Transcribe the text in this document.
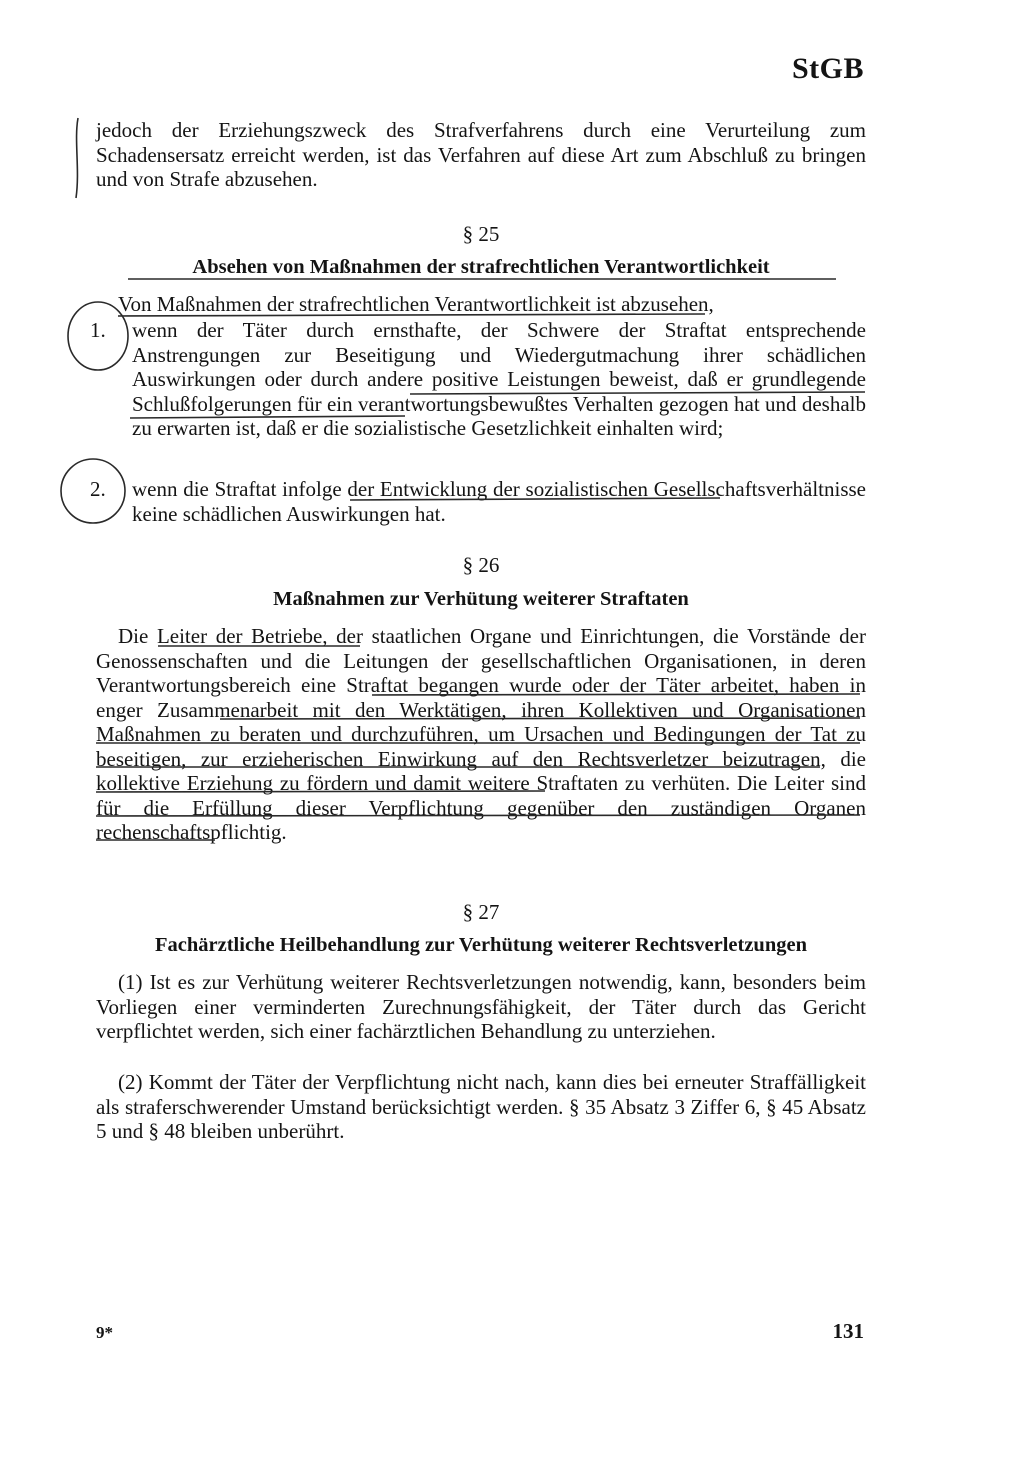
StGB
jedoch der Erziehungszweck des Strafverfahrens durch eine Verurteilung zum Schadensersatz erreicht werden, ist das Verfahren auf diese Art zum Abschluß zu bringen und von Strafe abzusehen.
§ 25
Absehen von Maßnahmen der strafrechtlichen Verantwortlichkeit
Von Maßnahmen der strafrechtlichen Verantwortlichkeit ist abzusehen,
1.	wenn der Täter durch ernsthafte, der Schwere der Straftat entsprechende Anstrengungen zur Beseitigung und Wiedergutmachung ihrer schädlichen Auswirkungen oder durch andere positive Leistungen beweist, daß er grundlegende Schlußfolgerungen für ein verantwortungsbewußtes Verhalten gezogen hat und deshalb zu erwarten ist, daß er die sozialistische Gesetzlichkeit einhalten wird;
2.	wenn die Straftat infolge der Entwicklung der sozialistischen Gesellschaftsverhältnisse keine schädlichen Auswirkungen hat.
§ 26
Maßnahmen zur Verhütung weiterer Straftaten

Die Leiter der Betriebe, der staatlichen Organe und Einrichtungen, die Vorstände der Genossenschaften und die Leitungen der gesellschaftlichen Organisationen, in deren Verantwortungsbereich eine Straftat begangen wurde oder der Täter arbeitet, haben in enger Zusammenarbeit mit den Werktätigen, ihren Kollektiven und Organisationen Maßnahmen zu beraten und durchzuführen, um Ursachen und Bedingungen der Tat zu beseitigen, zur erzieherischen Einwirkung auf den Rechtsverletzer beizutragen, die kollektive Erziehung zu fördern und damit weitere Straftaten zu verhüten. Die Leiter sind für die Erfüllung dieser Verpflichtung gegenüber den zuständigen Organen rechenschaftspflichtig.

§ 27
Fachärztliche Heilbehandlung zur Verhütung weiterer Rechtsverletzungen

(1) Ist es zur Verhütung weiterer Rechtsverletzungen notwendig, kann, besonders beim Vorliegen einer verminderten Zurechnungsfähigkeit, der Täter durch das Gericht verpflichtet werden, sich einer fachärztlichen Behandlung zu unterziehen.

(2) Kommt der Täter der Verpflichtung nicht nach, kann dies bei erneuter Straffälligkeit als straferschwerender Umstand berücksichtigt werden. § 35 Absatz 3 Ziffer 6, § 45 Absatz 5 und § 48 bleiben unberührt.

9*	131
